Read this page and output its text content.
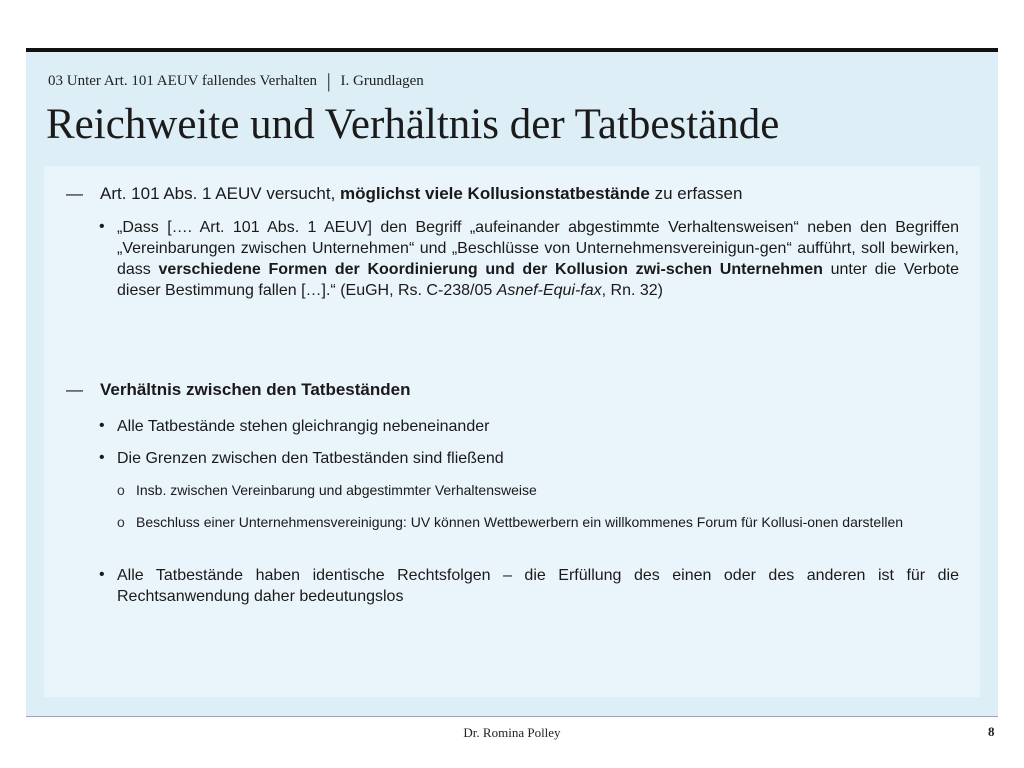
03 Unter Art. 101 AEUV fallendes Verhalten | I. Grundlagen
Reichweite und Verhältnis der Tatbestände
— Art. 101 Abs. 1 AEUV versucht, möglichst viele Kollusionstatbestände zu erfassen
• „Dass […. Art. 101 Abs. 1 AEUV] den Begriff „aufeinander abgestimmte Verhaltensweisen“ neben den Begriffen „Vereinbarungen zwischen Unternehmen“ und „Beschlüsse von Unternehmensvereinigun-gen“ aufführt, soll bewirken, dass verschiedene Formen der Koordinierung und der Kollusion zwi-schen Unternehmen unter die Verbote dieser Bestimmung fallen […].“ (EuGH, Rs. C-238/05 Asnef-Equi-fax, Rn. 32)
— Verhältnis zwischen den Tatbeständen
• Alle Tatbestände stehen gleichrangig nebeneinander
• Die Grenzen zwischen den Tatbeständen sind fließend
o Insb. zwischen Vereinbarung und abgestimmter Verhaltensweise
o Beschluss einer Unternehmensvereinigung: UV können Wettbewerbern ein willkommenes Forum für Kollusi-onen darstellen
• Alle Tatbestände haben identische Rechtsfolgen – die Erfüllung des einen oder des anderen ist für die Rechtsanwendung daher bedeutungslos
Dr. Romina Polley	8
